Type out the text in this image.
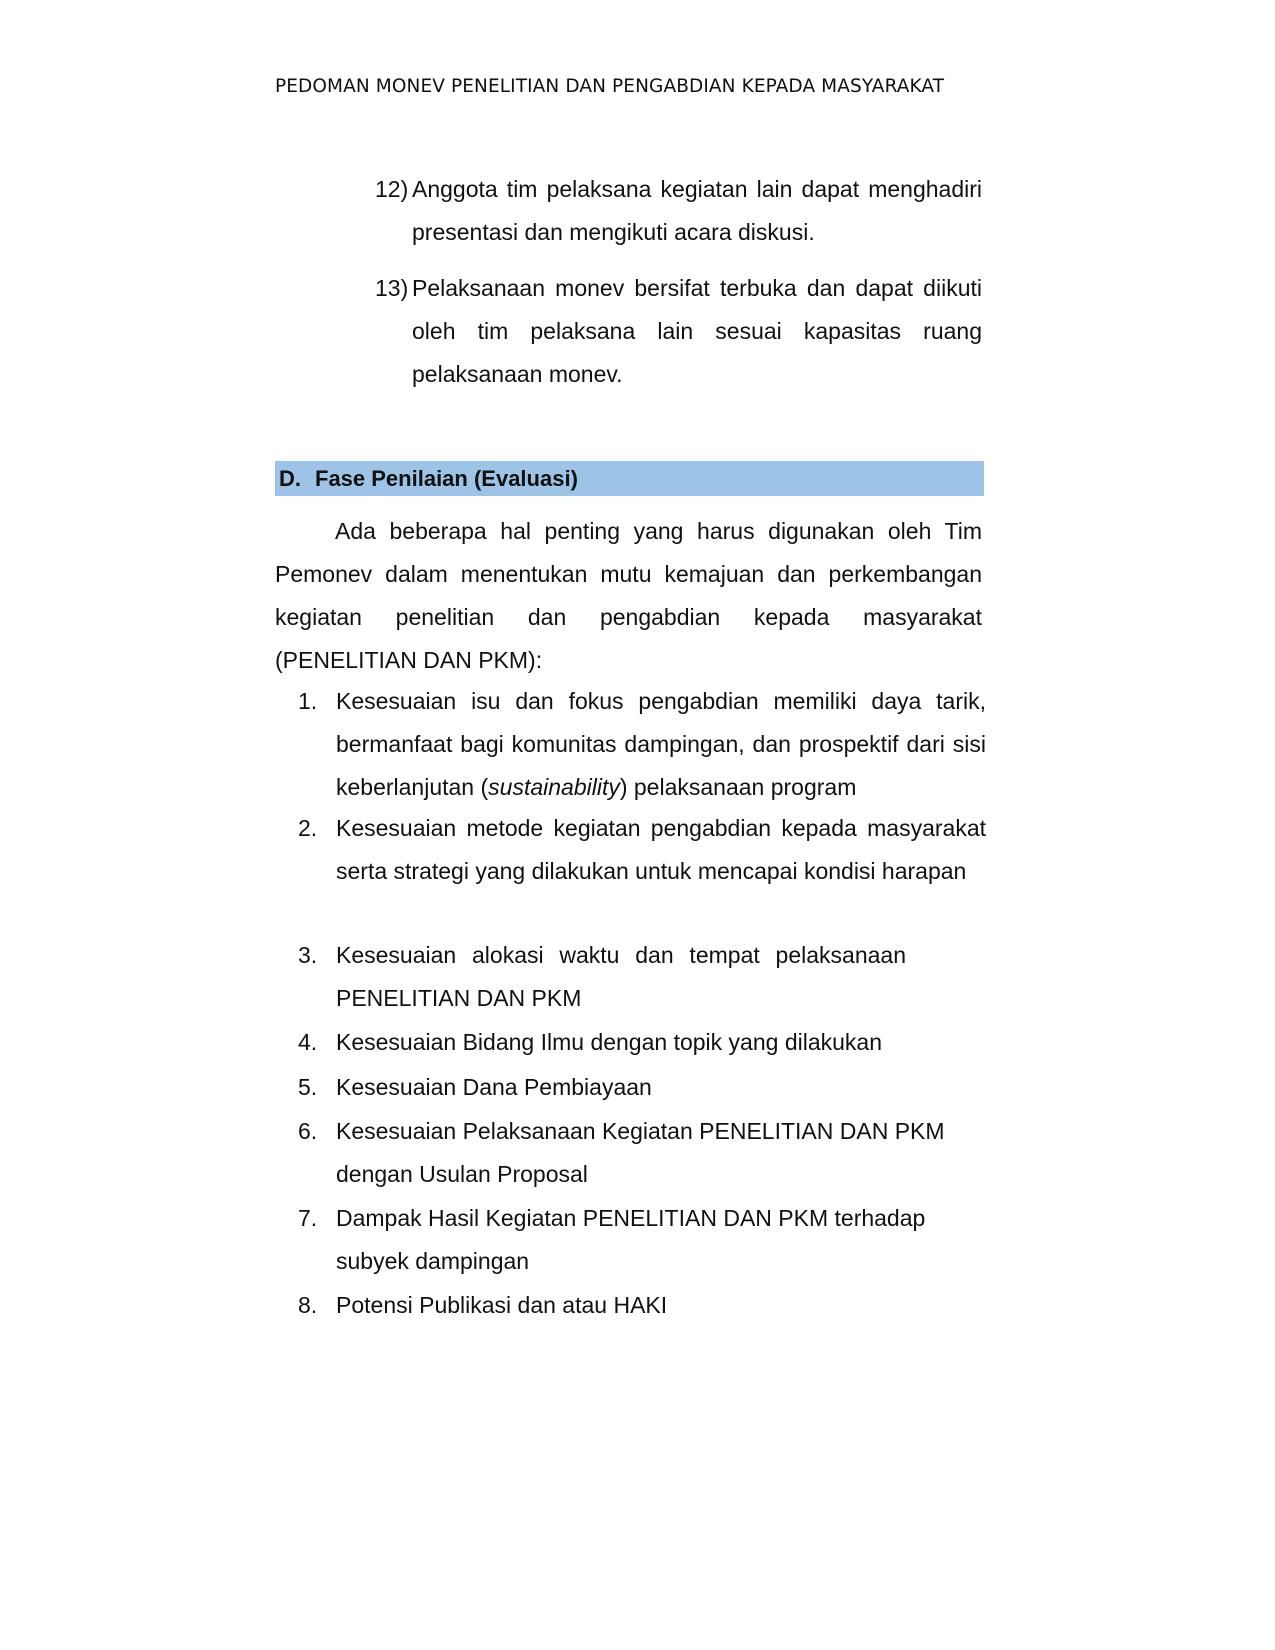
PEDOMAN MONEV PENELITIAN DAN PENGABDIAN KEPADA MASYARAKAT
12) Anggota tim pelaksana kegiatan lain dapat menghadiri presentasi dan mengikuti acara diskusi.
13) Pelaksanaan monev bersifat terbuka dan dapat diikuti oleh tim pelaksana lain sesuai kapasitas ruang pelaksanaan monev.
D. Fase Penilaian (Evaluasi)
Ada beberapa hal penting yang harus digunakan oleh Tim Pemonev dalam menentukan mutu kemajuan dan perkembangan kegiatan penelitian dan pengabdian kepada masyarakat (PENELITIAN DAN PKM):
1. Kesesuaian isu dan fokus pengabdian memiliki daya tarik, bermanfaat bagi komunitas dampingan, dan prospektif dari sisi keberlanjutan (sustainability) pelaksanaan program
2. Kesesuaian metode kegiatan pengabdian kepada masyarakat serta strategi yang dilakukan untuk mencapai kondisi harapan
3. Kesesuaian alokasi waktu dan tempat pelaksanaan PENELITIAN DAN PKM
4. Kesesuaian Bidang Ilmu dengan topik yang dilakukan
5. Kesesuaian Dana Pembiayaan
6. Kesesuaian Pelaksanaan Kegiatan PENELITIAN DAN PKM dengan Usulan Proposal
7. Dampak Hasil Kegiatan PENELITIAN DAN PKM terhadap subyek dampingan
8. Potensi Publikasi dan atau HAKI
